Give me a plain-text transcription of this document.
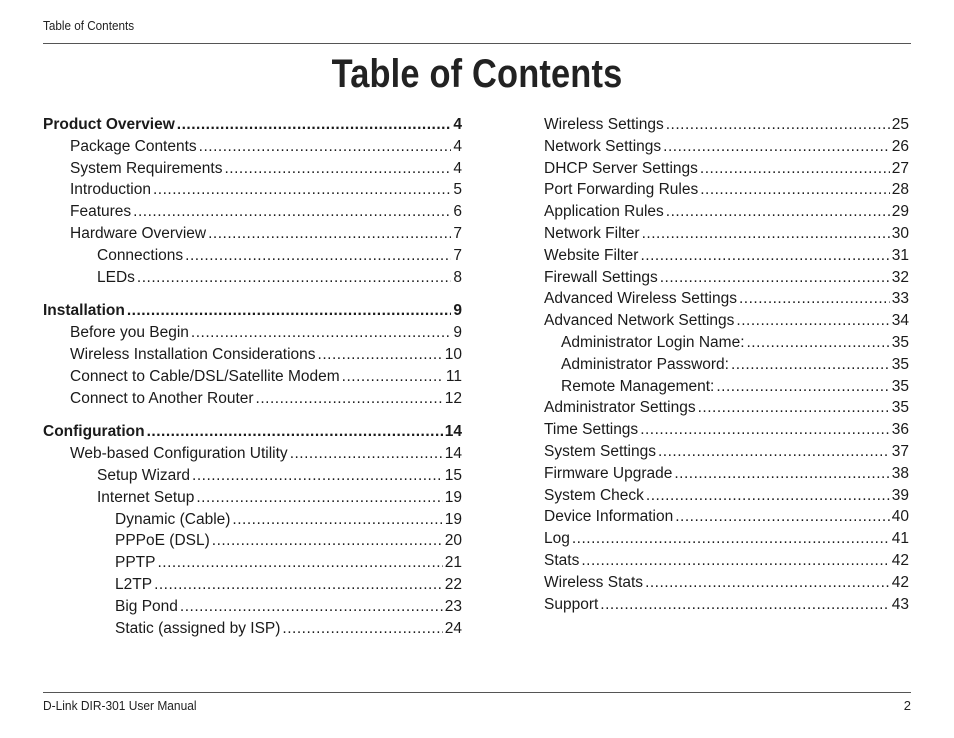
Table of Contents
Table of Contents
Product Overview .....	4
Package Contents .....	4
System Requirements .....	4
Introduction .....	5
Features .....	6
Hardware Overview .....	7
Connections .....	7
LEDs .....	8
Installation .....	9
Before you Begin .....	9
Wireless Installation Considerations .....	10
Connect to Cable/DSL/Satellite Modem .....	11
Connect to Another Router .....	12
Configuration .....	14
Web-based Configuration Utility .....	14
Setup Wizard .....	15
Internet Setup .....	19
Dynamic (Cable) .....	19
PPPoE (DSL) .....	20
PPTP .....	21
L2TP .....	22
Big Pond .....	23
Static (assigned by ISP) .....	24
Wireless Settings .....	25
Network Settings .....	26
DHCP Server Settings .....	27
Port Forwarding Rules .....	28
Application Rules .....	29
Network Filter .....	30
Website Filter .....	31
Firewall Settings .....	32
Advanced Wireless Settings .....	33
Advanced Network Settings .....	34
Administrator Login Name: .....	35
Administrator Password: .....	35
Remote Management: .....	35
Administrator Settings .....	35
Time Settings .....	36
System Settings .....	37
Firmware Upgrade .....	38
System Check .....	39
Device Information .....	40
Log .....	41
Stats .....	42
Wireless Stats .....	42
Support .....	43
D-Link DIR-301 User Manual	2
